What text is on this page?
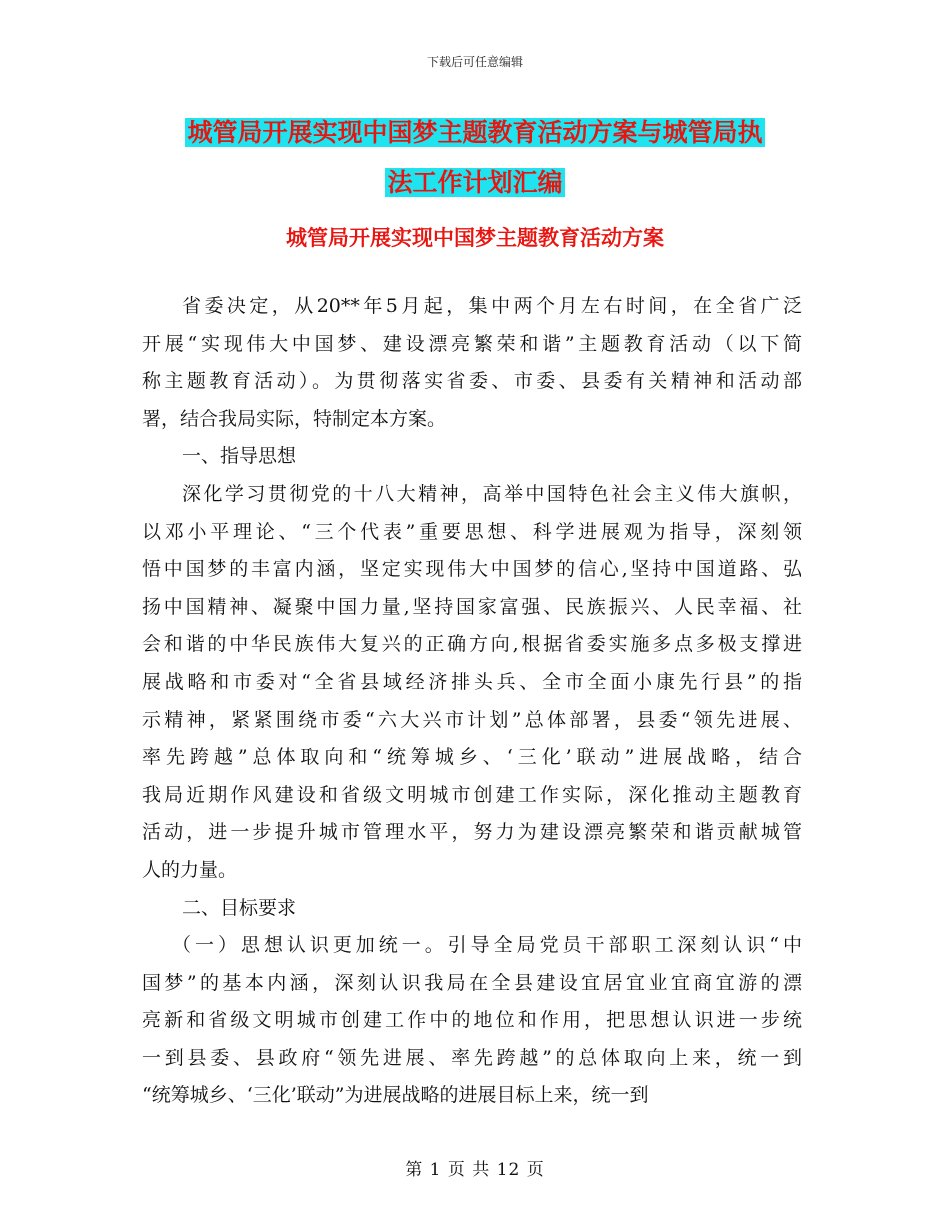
下载后可任意编辑
城管局开展实现中国梦主题教育活动方案与城管局执
法工作计划汇编
城管局开展实现中国梦主题教育活动方案
省委决定，从20**年5月起，集中两个月左右时间，在全省广泛
开展“实现伟大中国梦、建设漂亮繁荣和谐”主题教育活动（以下简
称主题教育活动）。为贯彻落实省委、市委、县委有关精神和活动部
署，结合我局实际，特制定本方案。
一、指导思想
深化学习贯彻党的十八大精神，高举中国特色社会主义伟大旗帜，
以邓小平理论、“三个代表”重要思想、科学进展观为指导，深刻领
悟中国梦的丰富内涵，坚定实现伟大中国梦的信心,坚持中国道路、弘
扬中国精神、凝聚中国力量,坚持国家富强、民族振兴、人民幸福、社
会和谐的中华民族伟大复兴的正确方向,根据省委实施多点多极支撑进
展战略和市委对“全省县域经济排头兵、全市全面小康先行县”的指
示精神，紧紧围绕市委“六大兴市计划”总体部署，县委“领先进展、
率先跨越”总体取向和“统筹城乡、‘三化’联动”进展战略，结合
我局近期作风建设和省级文明城市创建工作实际，深化推动主题教育
活动，进一步提升城市管理水平，努力为建设漂亮繁荣和谐贡献城管
人的力量。
二、目标要求
（一）思想认识更加统一。引导全局党员干部职工深刻认识“中
国梦”的基本内涵，深刻认识我局在全县建设宜居宜业宜商宜游的漂
亮新和省级文明城市创建工作中的地位和作用，把思想认识进一步统
一到县委、县政府“领先进展、率先跨越”的总体取向上来，统一到
“统筹城乡、‘三化’联动”为进展战略的进展目标上来，统一到
第 1 页 共 12 页
